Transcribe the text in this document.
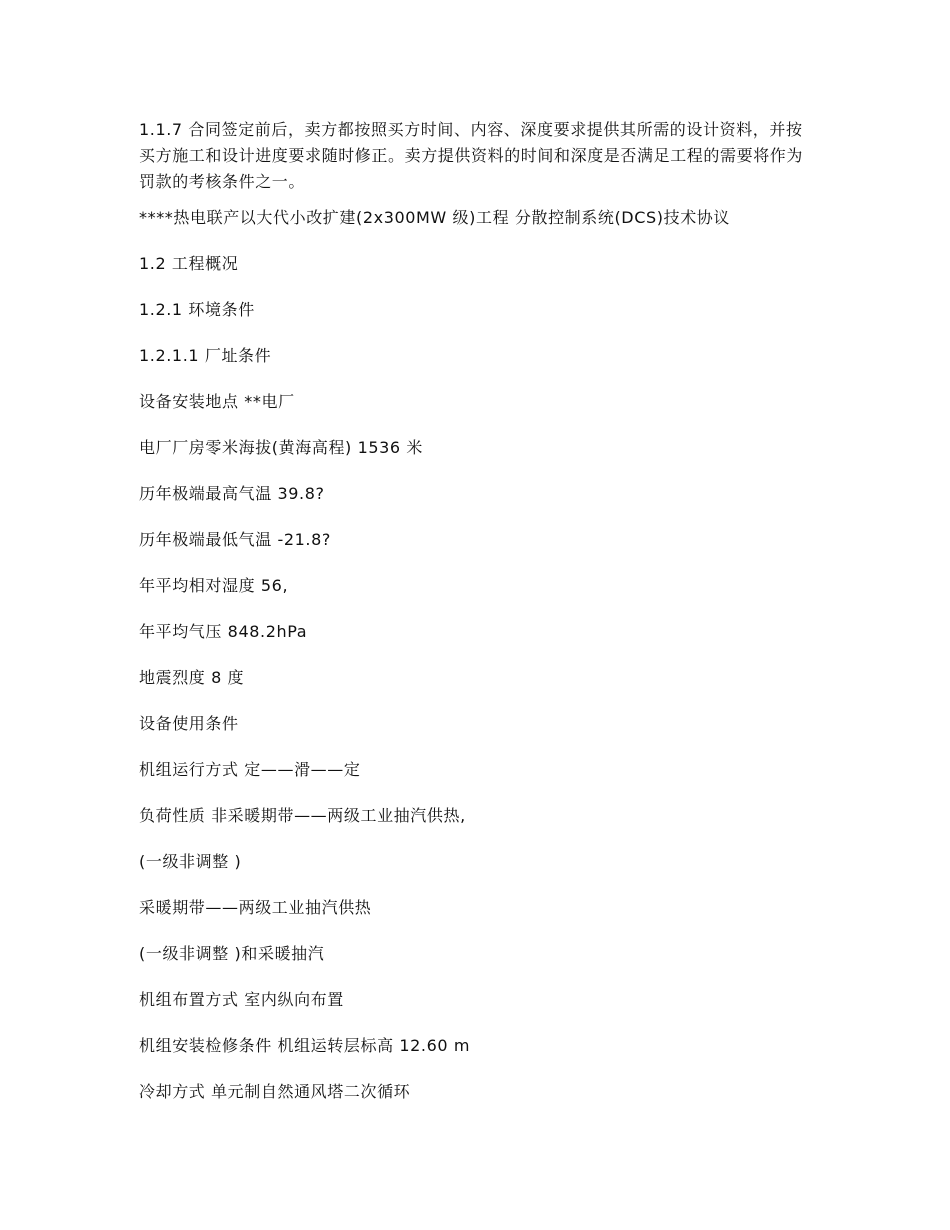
1.1.7 合同签定前后，卖方都按照买方时间、内容、深度要求提供其所需的设计资料，并按买方施工和设计进度要求随时修正。卖方提供资料的时间和深度是否满足工程的需要将作为罚款的考核条件之一。

****热电联产以大代小改扩建(2x300MW 级)工程 分散控制系统(DCS)技术协议

1.2 工程概况

1.2.1 环境条件

1.2.1.1 厂址条件

设备安装地点 **电厂

电厂厂房零米海拔(黄海高程) 1536 米

历年极端最高气温 39.8?

历年极端最低气温 -21.8?

年平均相对湿度 56,

年平均气压 848.2hPa

地震烈度 8 度

设备使用条件

机组运行方式 定——滑——定

负荷性质 非采暖期带——两级工业抽汽供热,

(一级非调整 )

采暖期带——两级工业抽汽供热

(一级非调整 )和采暖抽汽

机组布置方式 室内纵向布置

机组安装检修条件 机组运转层标高 12.60 m

冷却方式 单元制自然通风塔二次循环
